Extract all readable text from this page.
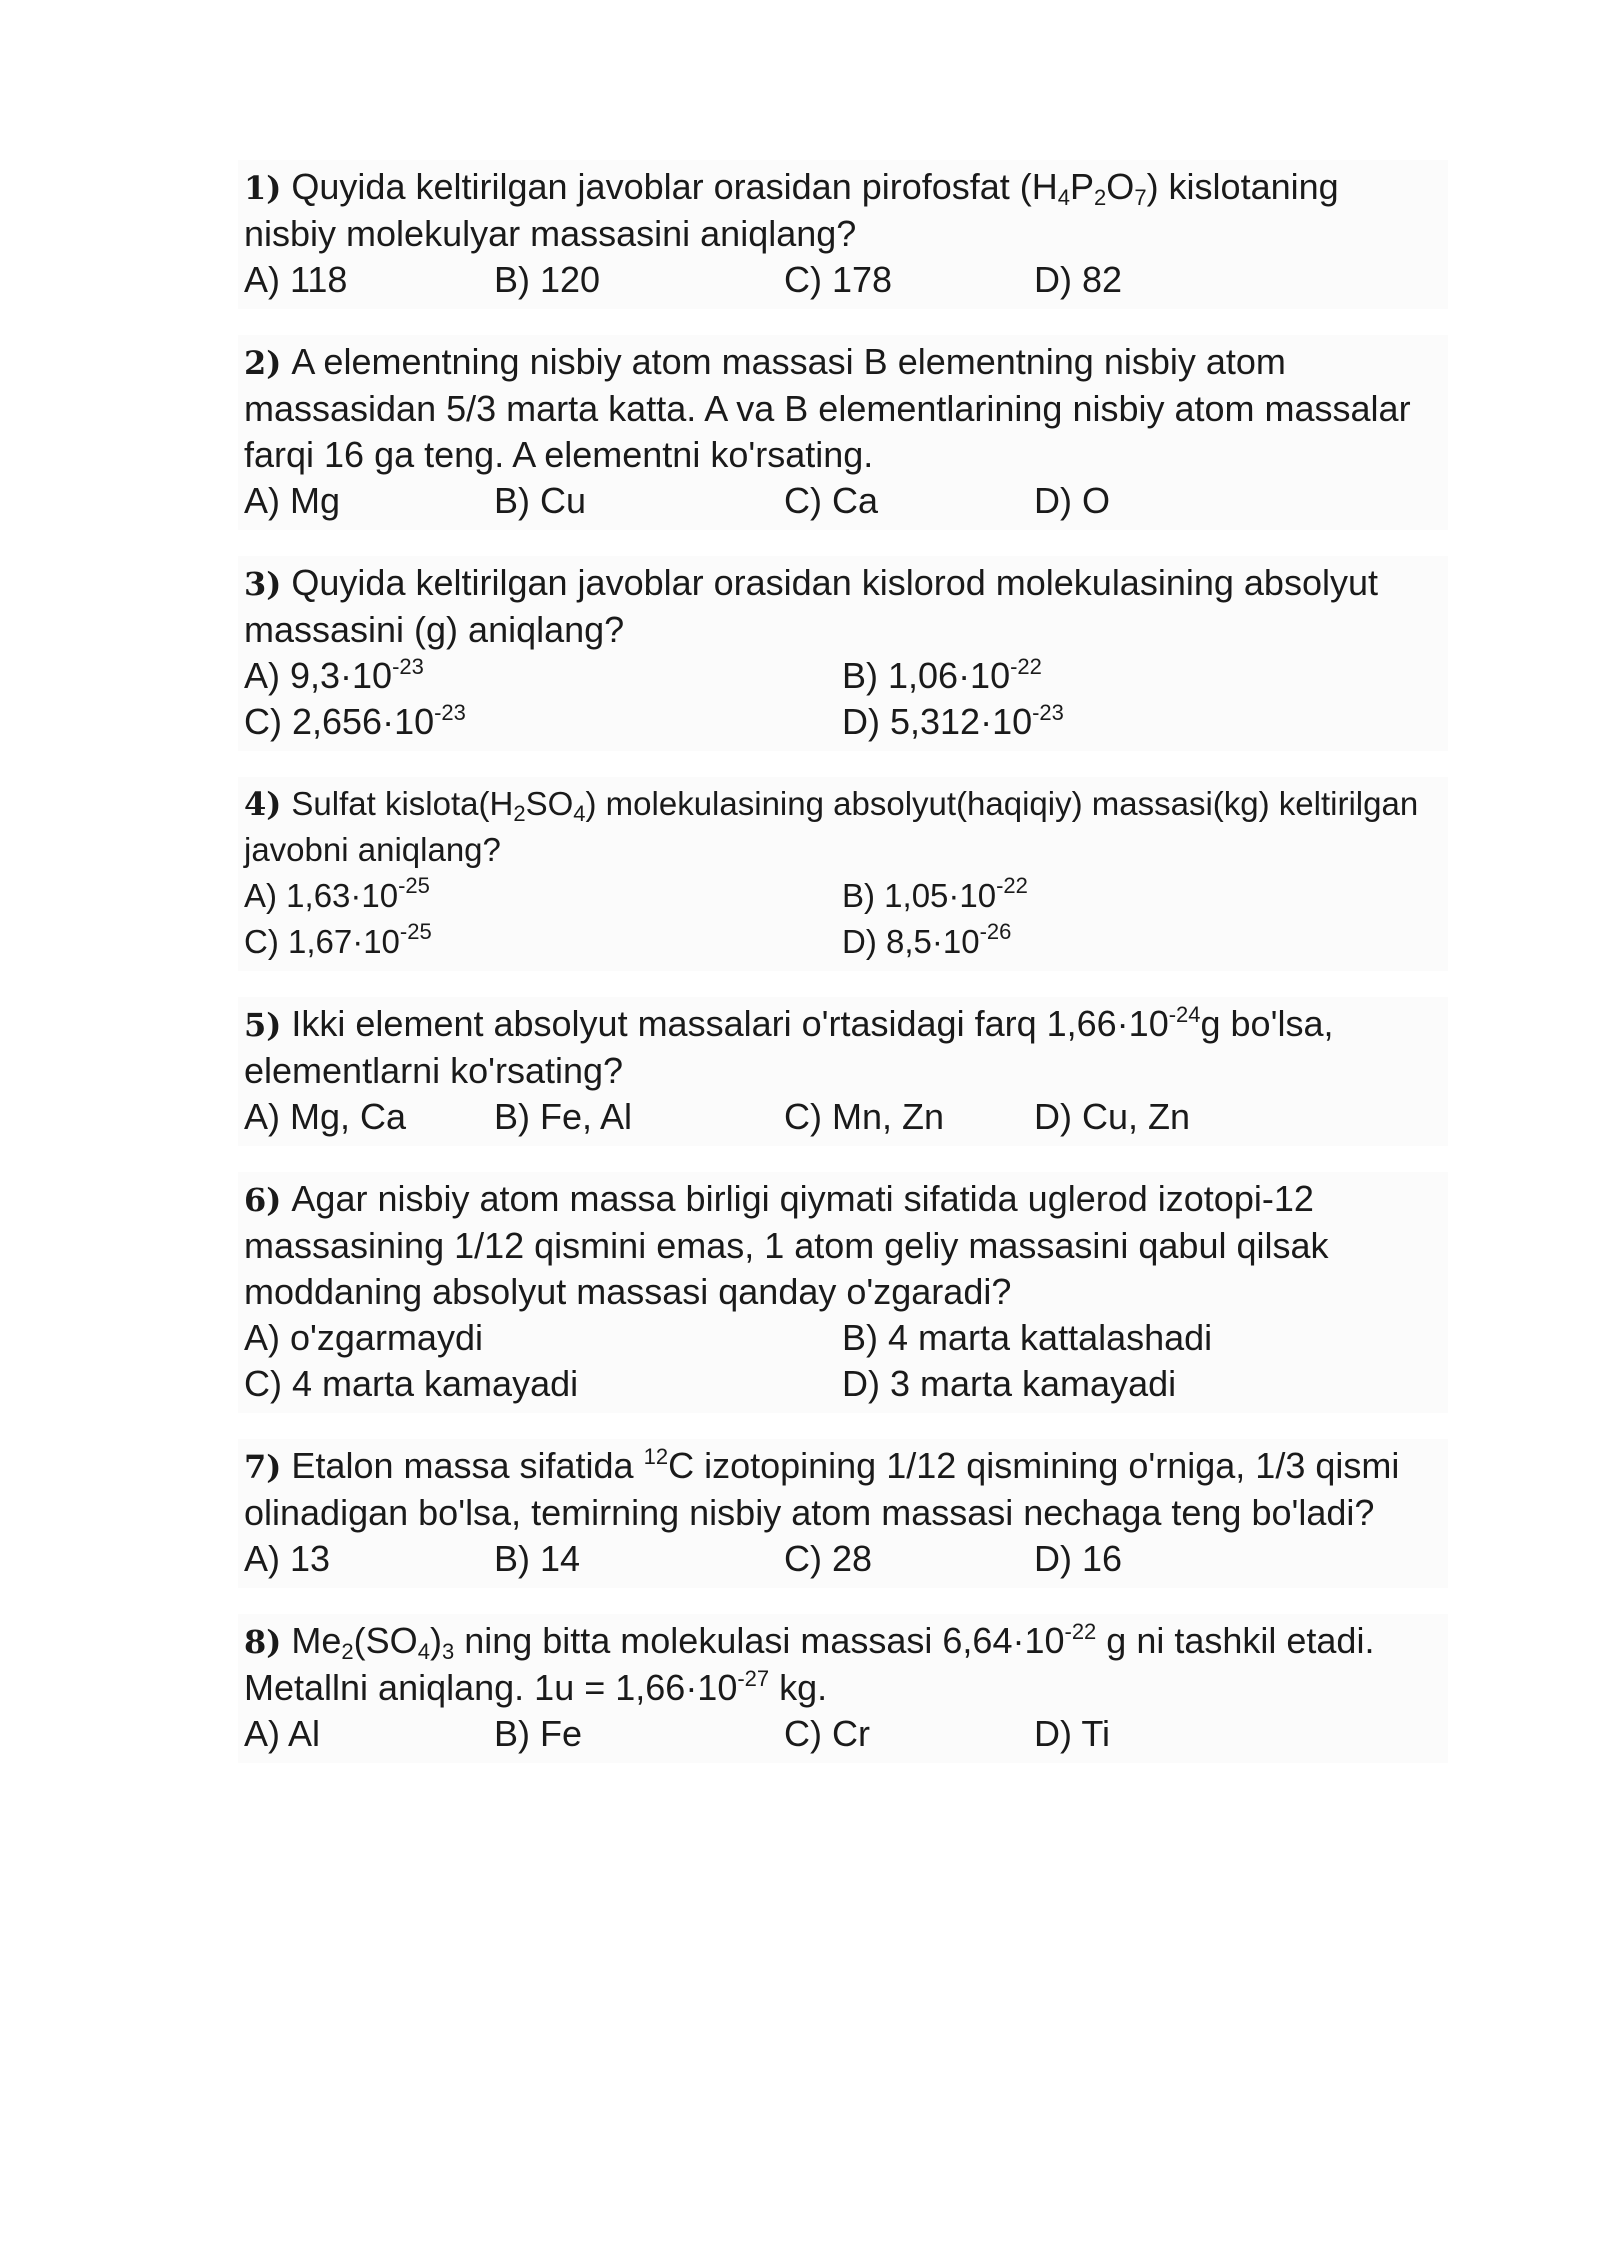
1) Quyida keltirilgan javoblar orasidan pirofosfat $(H_4P_2O_7)$ kislotaning nisbiy molekulyar massasini aniqlang?

A) 118	B) 120	C) 178	D) 82

2) A elementning nisbiy atom massasi B elementning nisbiy atom massasidan 5/3 marta katta. A va B elementlarining nisbiy atom massalar farqi 16 ga teng. A elementni ko'rsating.

A) Mg	B) Cu	C) Ca	D) O

3) Quyida keltirilgan javoblar orasidan kislorod molekulasining absolyut massasini (g) aniqlang?

A) $9,3\cdot 10^{-23}$	B) $1,06\cdot 10^{-22}$
C) $2,656\cdot 10^{-23}$	D) $5,312\cdot 10^{-23}$

4) Sulfat $kislota(H_2SO_4)$ molekulasining absolyut(haqiqiy) massasi(kg) keltirilgan javobni aniqlang?

A) $1,63\cdot 10^{-25}$	B) $1,05\cdot 10^{-22}$
C) $1,67\cdot 10^{-25}$	D) $8,5\cdot 10^{-26}$

5) Ikki element absolyut massalari o'rtasidagi farq $1,66\cdot 10^{-24}g$ bo'lsa, elementlarni ko'rsating?

A) Mg, Ca	B) Fe, Al	C) Mn, Zn	D) Cu, Zn

6) Agar nisbiy atom massa birligi qiymati sifatida uglerod izotopi-12 massasining 1/12 qismini emas, 1 atom geliy massasini qabul qilsak moddaning absolyut massasi qanday o'zgaradi?

A) o'zgarmaydi	B) 4 marta kattalashadi
C) 4 marta kamayadi	D) 3 marta kamayadi

7) Etalon massa sifatida $^{12}$C izotopining 1/12 qismining o'rniga, 1/3 qismi olinadigan bo'lsa, temirning nisbiy atom massasi nechaga teng bo'ladi?

A) 13	B) 14	C) 28	D) 16

8) $Me_2(SO_4)_3$ ning bitta molekulasi massasi $6,64\cdot 10^{-22}$ g ni tashkil etadi. Metallni aniqlang. $1u = 1,66\cdot 10^{-27}$ kg.

A) Al	B) Fe	C) Cr	D) Ti
